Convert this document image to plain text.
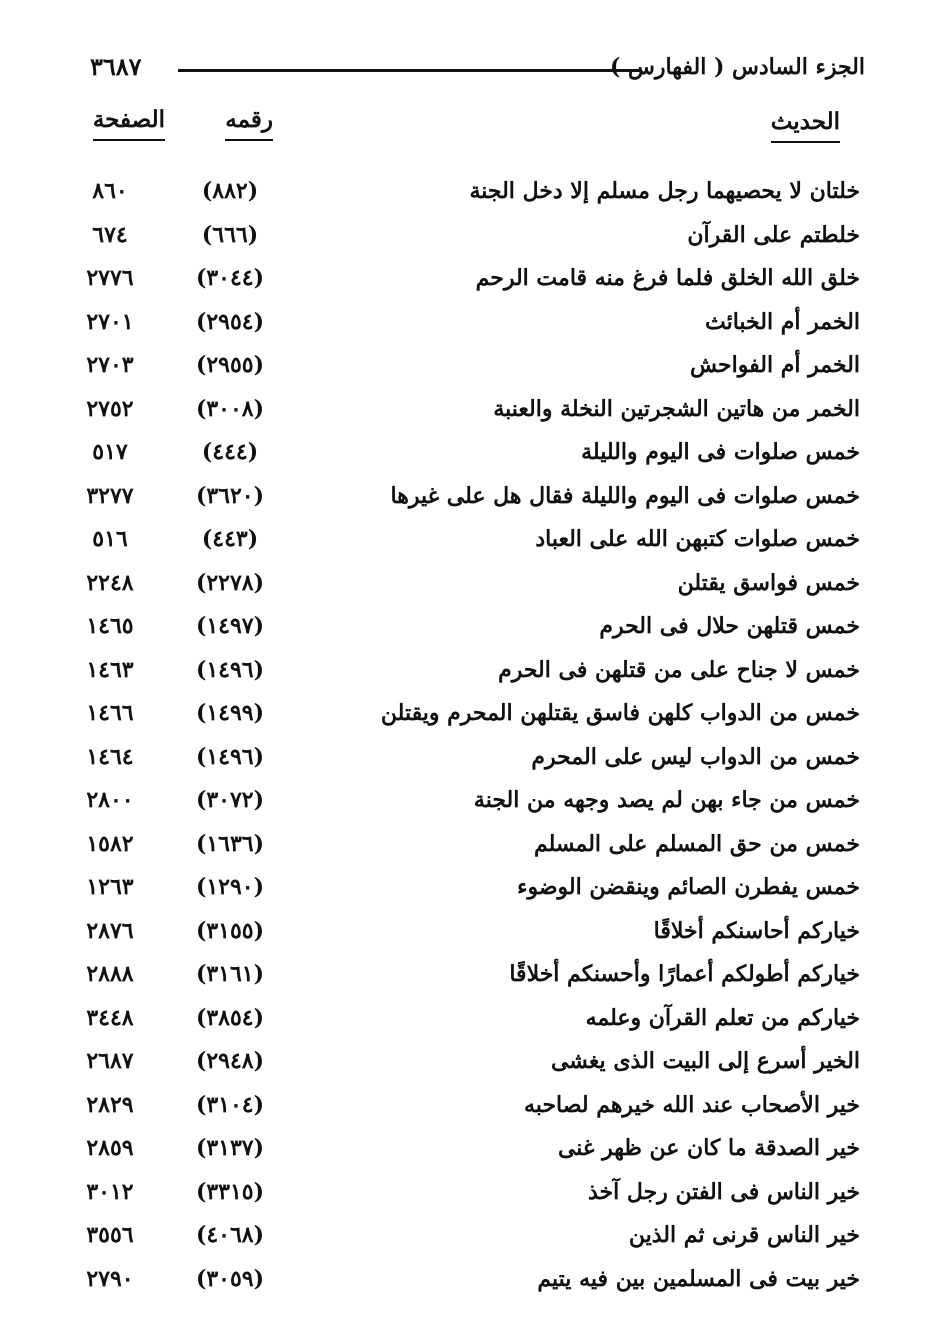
الجزء السادس ( الفهارس )
٣٦٨٧
الحديث
رقمه
الصفحة
خلتان لا يحصيهما رجل مسلم إلا دخل الجنة
(٨٨٢)
٨٦٠
خلطتم على القرآن
(٦٦٦)
٦٧٤
خلق الله الخلق فلما فرغ منه قامت الرحم
(٣٠٤٤)
٢٧٧٦
الخمر أم الخبائث
(٢٩٥٤)
٢٧٠١
الخمر أم الفواحش
(٢٩٥٥)
٢٧٠٣
الخمر من هاتين الشجرتين النخلة والعنبة
(٣٠٠٨)
٢٧٥٢
خمس صلوات فى اليوم والليلة
(٤٤٤)
٥١٧
خمس صلوات فى اليوم والليلة فقال هل على غيرها
(٣٦٢٠)
٣٢٧٧
خمس صلوات كتبهن الله على العباد
(٤٤٣)
٥١٦
خمس فواسق يقتلن
(٢٢٧٨)
٢٢٤٨
خمس قتلهن حلال فى الحرم
(١٤٩٧)
١٤٦٥
خمس لا جناح على من قتلهن فى الحرم
(١٤٩٦)
١٤٦٣
خمس من الدواب كلهن فاسق يقتلهن المحرم ويقتلن
(١٤٩٩)
١٤٦٦
خمس من الدواب ليس على المحرم
(١٤٩٦)
١٤٦٤
خمس من جاء بهن لم يصد وجهه من الجنة
(٣٠٧٢)
٢٨٠٠
خمس من حق المسلم على المسلم
(١٦٣٦)
١٥٨٢
خمس يفطرن الصائم وينقضن الوضوء
(١٢٩٠)
١٢٦٣
خياركم أحاسنكم أخلاقًا
(٣١٥٥)
٢٨٧٦
خياركم أطولكم أعمارًا وأحسنكم أخلاقًا
(٣١٦١)
٢٨٨٨
خياركم من تعلم القرآن وعلمه
(٣٨٥٤)
٣٤٤٨
الخير أسرع إلى البيت الذى يغشى
(٢٩٤٨)
٢٦٨٧
خير الأصحاب عند الله خيرهم لصاحبه
(٣١٠٤)
٢٨٢٩
خير الصدقة ما كان عن ظهر غنى
(٣١٣٧)
٢٨٥٩
خير الناس فى الفتن رجل آخذ
(٣٣١٥)
٣٠١٢
خير الناس قرنى ثم الذين
(٤٠٦٨)
٣٥٥٦
خير بيت فى المسلمين بين فيه يتيم
(٣٠٥٩)
٢٧٩٠
